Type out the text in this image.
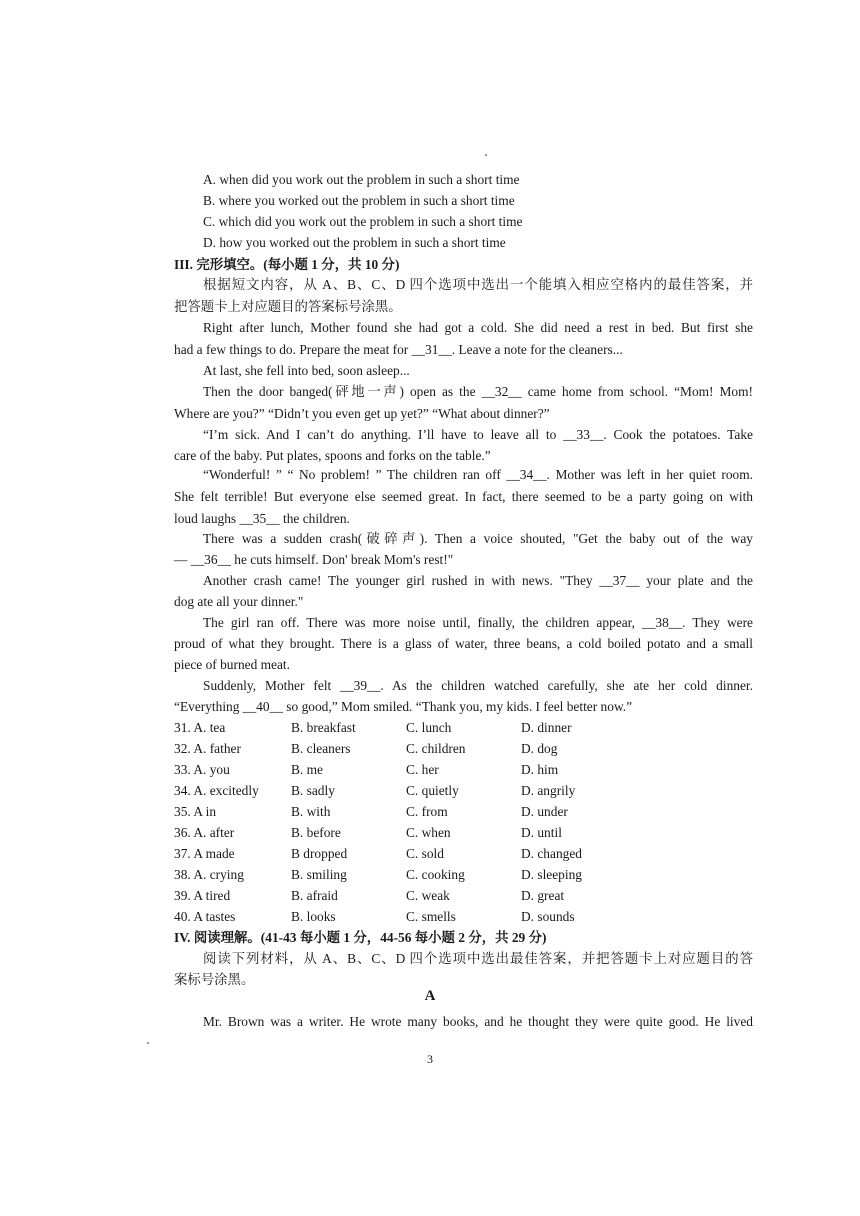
A. when did you work out the problem in such a short time
B. where you worked out the problem in such a short time
C. which did you work out the problem in such a short time
D. how you worked out the problem in such a short time
III. 完形填空。(每小题 1 分，共 10 分)
根据短文内容，从 A、B、C、D 四个选项中选出一个能填入相应空格内的最佳答案，并
把答题卡上对应题目的答案标号涂黑。
Right after lunch, Mother found she had got a cold. She did need a rest in bed. But first she
had a few things to do. Prepare the meat for __31__. Leave a note for the cleaners...
At last, she fell into bed, soon asleep...
Then the door banged(砰地一声) open as the __32__ came home from school. “Mom! Mom!
Where are you?” “Didn’t you even get up yet?” “What about dinner?”
“I’m sick. And I can’t do anything. I’ll have to leave all to __33__. Cook the potatoes. Take
care of the baby. Put plates, spoons and forks on the table.”
“Wonderful! ” “ No problem! ” The children ran off __34__. Mother was left in her quiet room.
She felt terrible! But everyone else seemed great. In fact, there seemed to be a party going on with
loud laughs __35__ the children.
There was a sudden crash(破碎声). Then a voice shouted, "Get the baby out of the way
— __36__ he cuts himself. Don' break Mom's rest!"
Another crash came! The younger girl rushed in with news. "They __37__ your plate and the
dog ate all your dinner."
The girl ran off. There was more noise until, finally, the children appear, __38__. They were
proud of what they brought. There is a glass of water, three beans, a cold boiled potato and a small
piece of burned meat.
Suddenly, Mother felt __39__. As the children watched carefully, she ate her cold dinner.
“Everything __40__ so good,” Mom smiled. “Thank you, my kids. I feel better now.”
31. A. tea	B. breakfast	C. lunch	D. dinner
32. A. father	B. cleaners	C. children	D. dog
33. A. you	B. me	C. her	D. him
34. A. excitedly B. sadly	C. quietly	D. angrily
35. A in	B. with	C. from	D. under
36. A. after	B. before	C. when	D. until
37. A made	B dropped	C. sold	D. changed
38. A. crying	B. smiling	C. cooking	D. sleeping
39. A tired	B. afraid	C. weak	D. great
40. A tastes	B. looks	C. smells	D. sounds
IV. 阅读理解。(41-43 每小题 1 分，44-56 每小题 2 分，共 29 分)
阅读下列材料，从 A、B、C、D 四个选项中选出最佳答案，并把答题卡上对应题目的答
案标号涂黑。
A
Mr. Brown was a writer. He wrote many books, and he thought they were quite good. He lived
3
